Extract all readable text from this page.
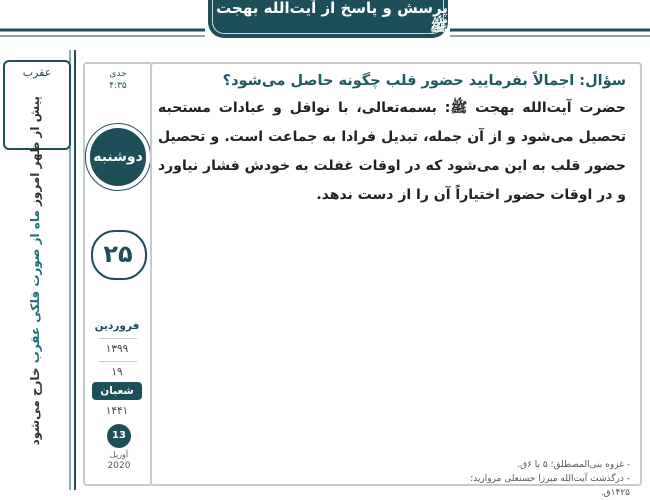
پرسش و پاسخ از آیت‌الله بهجت ﷺ
عقرب
پیش از ظهر امروز ماه از صورت فلکی عقرب خارج می‌شود
جدی
۴:۳۵
دوشنبه
۲۵
فروردین
۱۳۹۹
۱۹
شعبان
۱۴۴۱
13
آوریل
2020

سؤال: اجمالاً بفرمایید حضور قلب چگونه حاصل می‌شود؟

حضرت آیت‌الله بهجت ﷺ: بسمه‌تعالی، با نوافل و عبادات مستحبه تحصیل می‌شود و از آن جمله، تبدیل فرادا به جماعت است. و تحصیل حضور قلب به این می‌شود که در اوقات غفلت به خودش فشار نیاورد و در اوقات حضور اختیاراً آن را از دست ندهد.

- غزوه بنی‌المصطلق؛ ۵ با ۶ق.
- درگذشت آیت‌الله میرزا حسنعلی مروارید؛ ۱۴۲۵ق.
